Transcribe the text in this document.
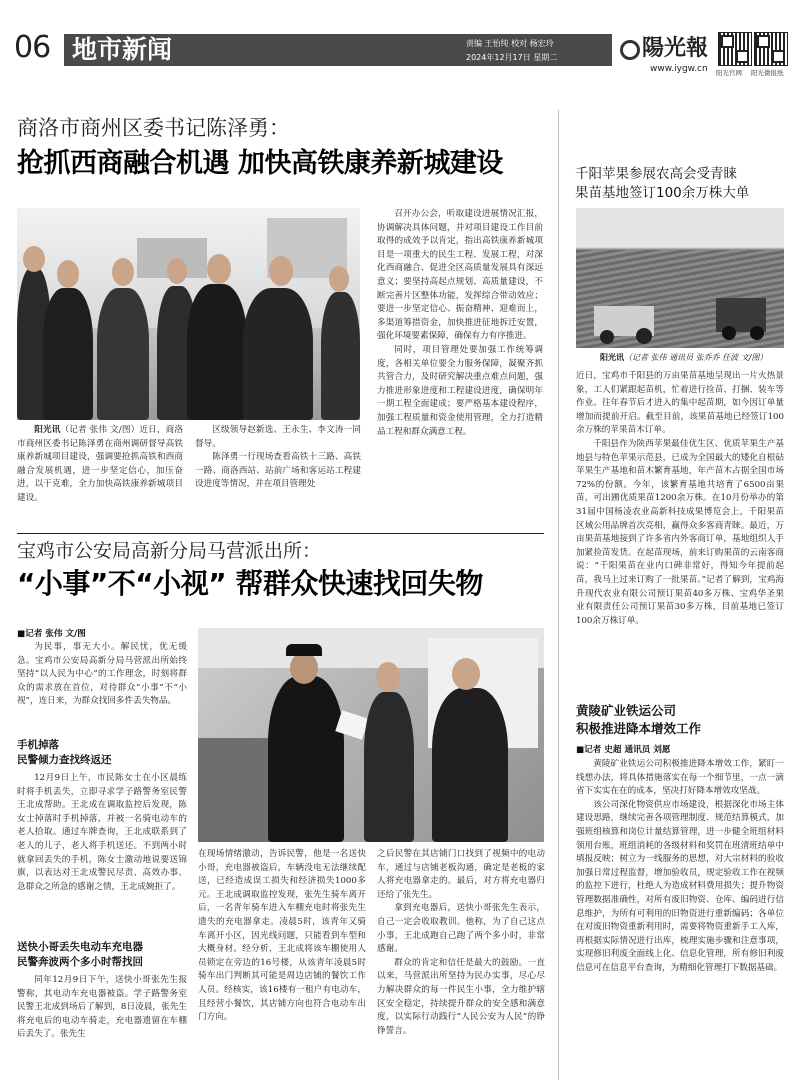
06 地市新闻	责编 王怡纯 校对 杨宏玲
2024年12月17日 星期二	陽光報
www.iygw.cn 阳光官网 阳光微报纸
商洛市商州区委书记陈泽勇：
抢抓西商融合机遇 加快高铁康养新城建设

阳光讯（记者 张伟 文/图）近日，商洛市商州区委书记陈泽勇在商州调研督导高铁康养新城项目建设，强调要抢抓高铁和西商融合发展机遇，进一步坚定信心，加压奋进，以干克难，全力加快高铁康养新城项目建设。

区级领导赵新选、王永生、李文涛一同督导。

陈泽勇一行现场查看高铁十三路、高铁一路、商洛西站、站前广场和客运站工程建设进度等情况，并在项目管理处

召开办公会，听取建设进展情况汇报，协调解决具体问题，并对项目建设工作目前取得的成效予以肯定，指出高铁康养新城项目是一项重大的民生工程、发展工程，对深化西商融合、促进全区高质量发展具有深远意义；要坚持高起点规划、高质量建设，不断完善片区整体功能，发挥综合带动效应；要进一步坚定信心、振奋精神、迎难而上，多渠道筹措资金，加快推进征地拆迁安置，强化环境要素保障，确保有力有序推进。

同时，项目管理处要加强工作统筹调度，各相关单位要全力服务保障，凝聚齐抓共管合力，及时研究解决重点难点问题，强力推进形象进度和工程建设进度，确保明年一期工程全面建成；要严格基本建设程序，加强工程质量和资金使用管理，全力打造精品工程和群众满意工程。

宝鸡市公安局高新分局马营派出所：
“小事”不“小视” 帮群众快速找回失物
■记者 张伟 文/图

为民事，事无大小。解民忧，优无缓急。宝鸡市公安局高新分局马营派出所始终坚持“以人民为中心”的工作理念，时刻将群众的需求放在首位，对待群众“小事”不“小视”，连日来，为群众找回多件丢失物品。

手机掉落
民警倾力查找终返还

12月9日上午，市民陈女士在小区晨练时将手机丢失，立即寻求学子路警务室民警王北成帮助。王北成在调取监控后发现，陈女士掉落时手机掉落，并被一名骑电动车的老人拾取。通过车牌查询，王北成联系到了老人的儿子，老人将手机送还。不到两小时就拿回丢失的手机，陈女士激动地说要送锦旗，以表达对王北成警民尽责、高效办事、急群众之所急的感谢之情，王北成婉拒了。

送快小哥丢失电动车充电器
民警奔波两个多小时帮找回

同年12月9日下午，送快小哥张先生报警称，其电动车充电器被盗。学子路警务室民警王北成到场后了解到，8日凌晨，张先生将充电后的电动车骑走，充电器遗留在车棚后丢失了。张先生

在现场情绪激动，告诉民警，他是一名送快小哥，充电器被盗后，车辆没电无法继续配送，已经造成误工损失和经济损失1000多元。王北成调取监控发现，张先生骑车离开后，一名青年骑车进入车棚充电时将张先生遗失的充电器拿走。凌晨5时，该青年又骑车离开小区，因光线问题，只能看到车型和大概身材。经分析，王北成将该车棚使用人员锁定在旁边的16号楼，从该青年凌晨5时骑车出门判断其可能是周边店铺的餐饮工作人员。经核实，该16楼有一租户有电动车，且经营小餐饮，其店铺方向也符合电动车出门方向。

之后民警在其店铺门口找到了视频中的电动车，通过与店铺老板沟通，确定是老板的家人将充电器拿走的。最后，对方将充电器归还给了张先生。

拿到充电器后，送快小哥张先生表示，自己一定会收取教训。他称，为了自己这点小事，王北成跑自己跑了两个多小时，非常感谢。

群众的肯定和信任是最大的鼓励。一直以来，马营派出所坚持为民办实事，尽心尽力解决群众的每一件民生小事，全力维护辖区安全稳定，持续提升群众的安全感和满意度，以实际行动践行“人民公安为人民”的铮铮誓言。

千阳苹果参展农高会受青睐
果苗基地签订100余万株大单
阳光讯（记者 张伟 通讯员 张乔乔 任波 文/图）

近日，宝鸡市千阳县的万亩果苗基地呈现出一片火热景象，工人们紧跟起苗机，忙着进行捡苗、打捆、装车等作业。往年春节后才进入的集中起苗期，如今因订单量增加而提前开启。截至目前，该果苗基地已经签订100余万株的苹果苗木订单。

千阳县作为陕西苹果最佳优生区、优质苹果生产基地县与特色苹果示范县，已成为全国最大的矮化自根砧苹果生产基地和苗木繁育基地，年产苗木占据全国市场72%的份额。今年，该繁育基地共培育了6500亩果苗，可出圃优质果苗1200余万株。在10月份举办的第31届中国杨凌农业高新科技成果博览会上，千阳果苗区域公用品牌首次亮相，赢得众多客商青睐。最近，万亩果苗基地接到了许多省内外客商订单，基地组织人手加紧捡苗发货。在起苗现场，前来订购果苗的云南客商说：“千阳果苗在业内口碑非常好，得知今年提前起苗，我马上过来订购了一批果苗。”记者了解到，宝鸡海升现代农业有限公司预订果苗40多万株、宝鸡华圣果业有限责任公司预订果苗30多万株，目前基地已签订100余万株订单。

黄陵矿业铁运公司
积极推进降本增效工作
■记者 史超 通讯员 刘愿

黄陵矿业铁运公司积极推进降本增效工作，紧盯一线想办法，将具体措施落实在每一个细节里，一点一滴省下实实在在的成本，坚决打好降本增效攻坚战。

该公司深化物资供应市场建设，根据深化市场主体建设思路，继续完善各项管理制度、规范结算模式，加强班组核算和岗位计量结算管理，进一步健全班组材料领用台账，班组消耗的各级材料和奖罚在班清班结单中填报反映；树立为一线服务的思想，对大宗材料的验收加强日常过程监督，增加验收员，规定验收工作在视频的监控下进行，杜绝人为造成材料费用损失；提升物资管理数据准确性，对所有废旧物资、仓库、编码进行信息维护，为所有可利用的旧物资进行重新编码；各单位在对废旧物资重新利用时，需要将物资重新手工入库，再根据实际情况进行出库，梳理实施步骤和注意事项，实现修旧利废全面线上化、信息化管理，所有修旧利废信息可在信息平台查询，为精细化管理打下数据基础。
